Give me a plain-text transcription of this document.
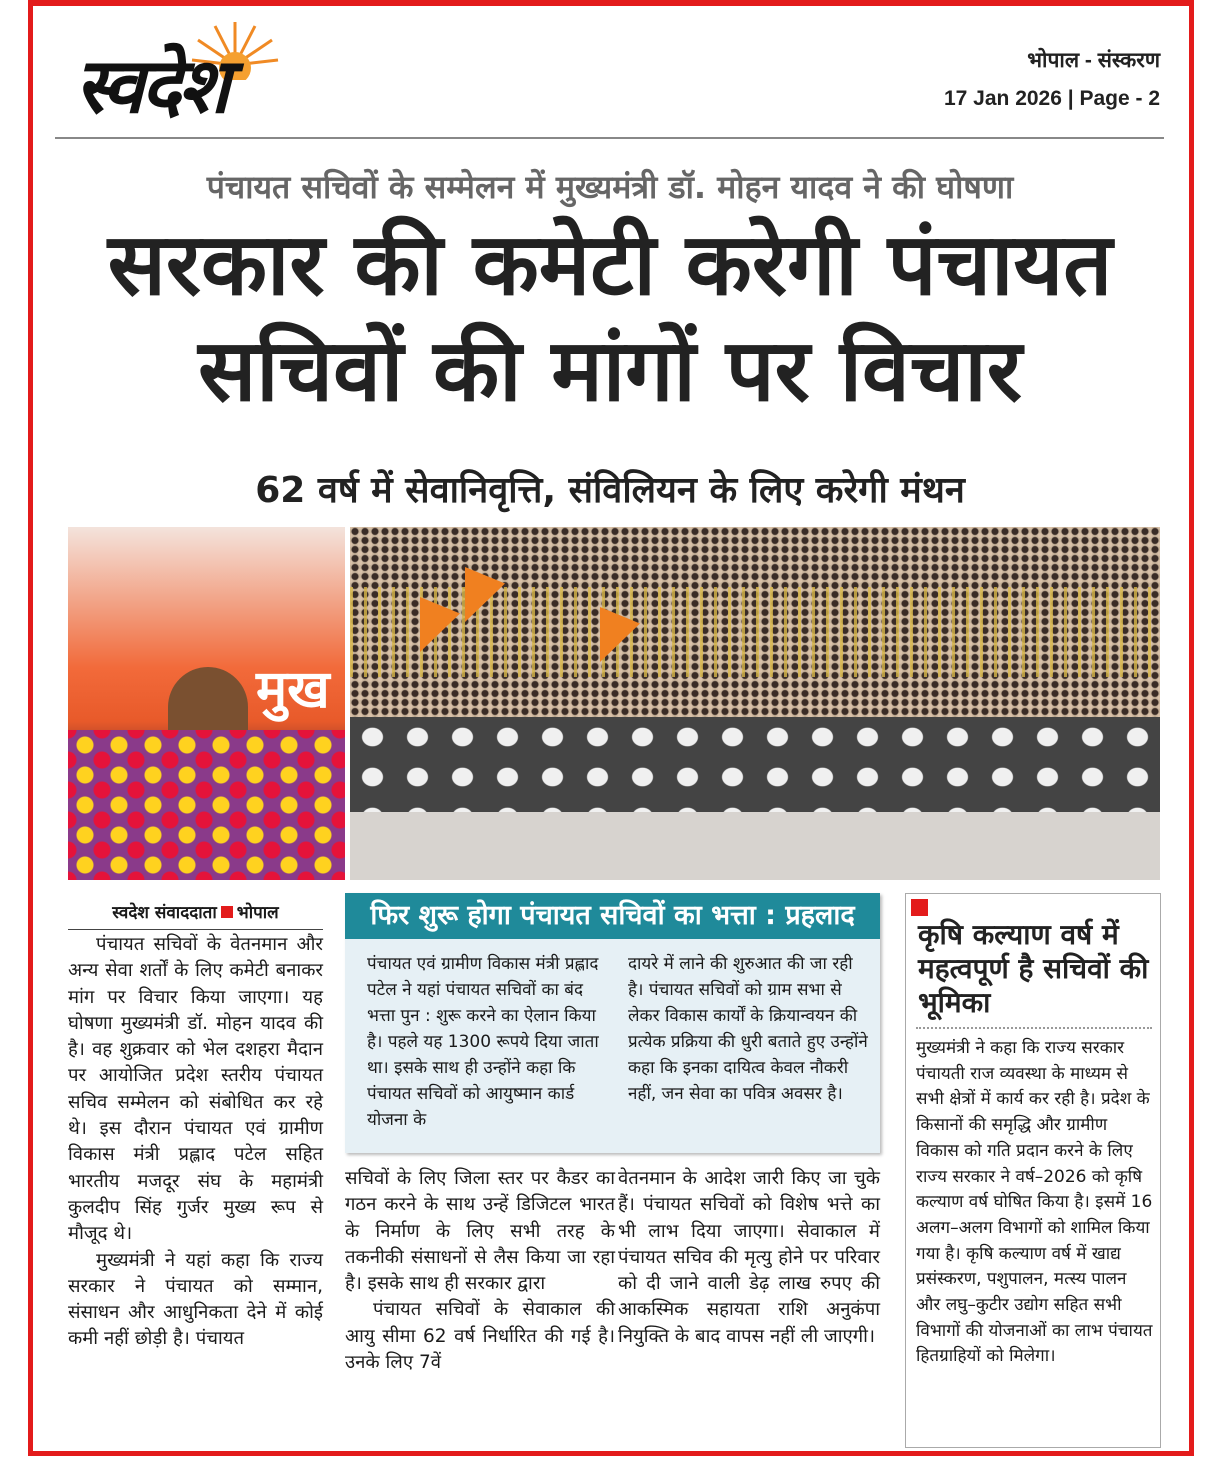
स्वदेश	भोपाल - संस्करण
17 Jan 2026 | Page - 2
पंचायत सचिवों के सम्मेलन में मुख्यमंत्री डॉ. मोहन यादव ने की घोषणा
सरकार की कमेटी करेगी पंचायत
सचिवों की मांगों पर विचार
62 वर्ष में सेवानिवृत्ति, संविलियन के लिए करेगी मंथन
मुख
स्वदेश संवाददाता भोपाल

पंचायत सचिवों के वेतनमान और अन्य सेवा शर्तों के लिए कमेटी बनाकर मांग पर विचार किया जाएगा। यह घोषणा मुख्यमंत्री डॉ. मोहन यादव की है। वह शुक्रवार को भेल दशहरा मैदान पर आयोजित प्रदेश स्तरीय पंचायत सचिव सम्मेलन को संबोधित कर रहे थे। इस दौरान पंचायत एवं ग्रामीण विकास मंत्री प्रह्लाद पटेल सहित भारतीय मजदूर संघ के महामंत्री कुलदीप सिंह गुर्जर मुख्य रूप से मौजूद थे।

मुख्यमंत्री ने यहां कहा कि राज्य सरकार ने पंचायत को सम्मान, संसाधन और आधुनिकता देने में कोई कमी नहीं छोड़ी है। पंचायत

फिर शुरू होगा पंचायत सचिवों का भत्ता : प्रहलाद
पंचायत एवं ग्रामीण विकास मंत्री प्रह्लाद पटेल ने यहां पंचायत सचिवों का बंद भत्ता पुन : शुरू करने का ऐलान किया है। पहले यह 1300 रूपये दिया जाता था। इसके साथ ही उन्होंने कहा कि पंचायत सचिवों को आयुष्मान कार्ड योजना के
दायरे में लाने की शुरुआत की जा रही है। पंचायत सचिवों को ग्राम सभा से लेकर विकास कार्यों के क्रियान्वयन की प्रत्येक प्रक्रिया की धुरी बताते हुए उन्होंने कहा कि इनका दायित्व केवल नौकरी नहीं, जन सेवा का पवित्र अवसर है।

सचिवों के लिए जिला स्तर पर कैडर का गठन करने के साथ उन्हें डिजिटल भारत के निर्माण के लिए सभी तरह के तकनीकी संसाधनों से लैस किया जा रहा है। इसके साथ ही सरकार द्वारा

पंचायत सचिवों के सेवाकाल की आयु सीमा 62 वर्ष निर्धारित की गई है। उनके लिए 7वें

वेतनमान के आदेश जारी किए जा चुके हैं। पंचायत सचिवों को विशेष भत्ते का भी लाभ दिया जाएगा। सेवाकाल में पंचायत सचिव की मृत्यु होने पर परिवार को दी जाने वाली डेढ़ लाख रुपए की आकस्मिक सहायता राशि अनुकंपा नियुक्ति के बाद वापस नहीं ली जाएगी।

कृषि कल्याण वर्ष में महत्वपूर्ण है सचिवों की भूमिका
मुख्यमंत्री ने कहा कि राज्य सरकार पंचायती राज व्यवस्था के माध्यम से सभी क्षेत्रों में कार्य कर रही है। प्रदेश के किसानों की समृद्धि और ग्रामीण विकास को गति प्रदान करने के लिए राज्य सरकार ने वर्ष–2026 को कृषि कल्याण वर्ष घोषित किया है। इसमें 16 अलग–अलग विभागों को शामिल किया गया है। कृषि कल्याण वर्ष में खाद्य प्रसंस्करण, पशुपालन, मत्स्य पालन और लघु–कुटीर उद्योग सहित सभी विभागों की योजनाओं का लाभ पंचायत हितग्राहियों को मिलेगा।
